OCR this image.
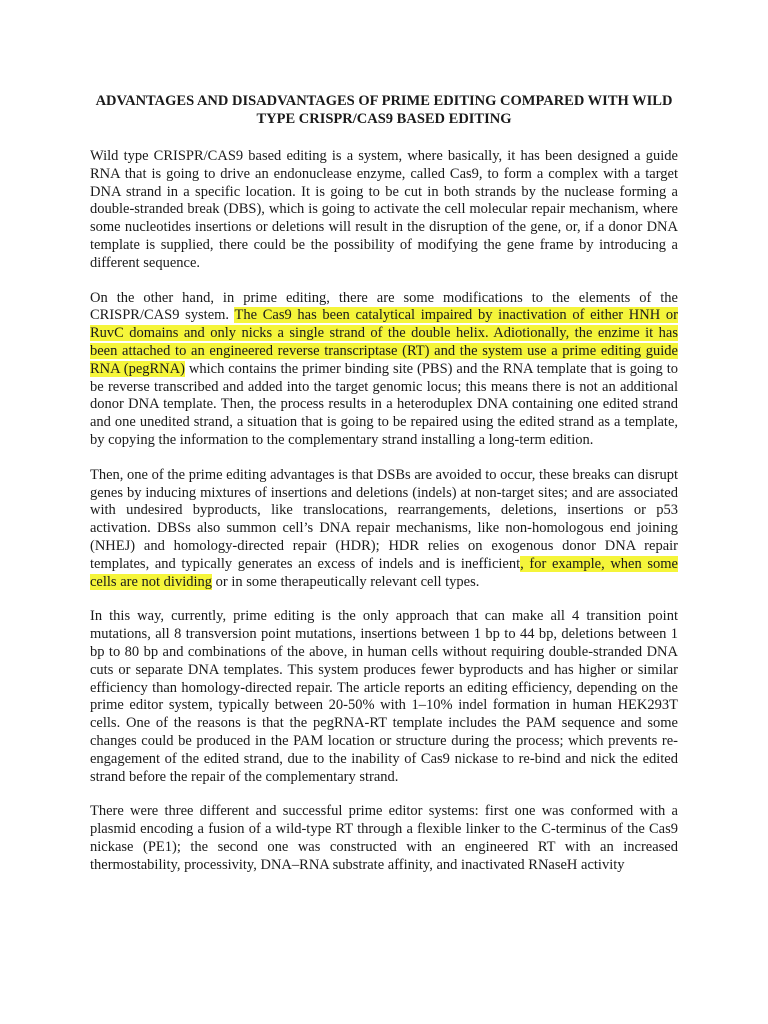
ADVANTAGES AND DISADVANTAGES OF PRIME EDITING COMPARED WITH WILD TYPE CRISPR/CAS9 BASED EDITING

Wild type CRISPR/CAS9 based editing is a system, where basically, it has been designed a guide RNA that is going to drive an endonuclease enzyme, called Cas9, to form a complex with a target DNA strand in a specific location. It is going to be cut in both strands by the nuclease forming a double-stranded break (DBS), which is going to activate the cell molecular repair mechanism, where some nucleotides insertions or deletions will result in the disruption of the gene, or, if a donor DNA template is supplied, there could be the possibility of modifying the gene frame by introducing a different sequence.

On the other hand, in prime editing, there are some modifications to the elements of the CRISPR/CAS9 system. The Cas9 has been catalytical impaired by inactivation of either HNH or RuvC domains and only nicks a single strand of the double helix. Adiotionally, the enzime it has been attached to an engineered reverse transcriptase (RT) and the system use a prime editing guide RNA (pegRNA) which contains the primer binding site (PBS) and the RNA template that is going to be reverse transcribed and added into the target genomic locus; this means there is not an additional donor DNA template. Then, the process results in a heteroduplex DNA containing one edited strand and one unedited strand, a situation that is going to be repaired using the edited strand as a template, by copying the information to the complementary strand installing a long-term edition.

Then, one of the prime editing advantages is that DSBs are avoided to occur, these breaks can disrupt genes by inducing mixtures of insertions and deletions (indels) at non-target sites; and are associated with undesired byproducts, like translocations, rearrangements, deletions, insertions or p53 activation. DBSs also summon cell’s DNA repair mechanisms, like non-homologous end joining (NHEJ) and homology-directed repair (HDR); HDR relies on exogenous donor DNA repair templates, and typically generates an excess of indels and is inefficient, for example, when some cells are not dividing or in some therapeutically relevant cell types.

In this way, currently, prime editing is the only approach that can make all 4 transition point mutations, all 8 transversion point mutations, insertions between 1 bp to 44 bp, deletions between 1 bp to 80 bp and combinations of the above, in human cells without requiring double-stranded DNA cuts or separate DNA templates. This system produces fewer byproducts and has higher or similar efficiency than homology-directed repair. The article reports an editing efficiency, depending on the prime editor system, typically between 20-50% with 1–10% indel formation in human HEK293T cells. One of the reasons is that the pegRNA-RT template includes the PAM sequence and some changes could be produced in the PAM location or structure during the process; which prevents re-engagement of the edited strand, due to the inability of Cas9 nickase to re-bind and nick the edited strand before the repair of the complementary strand.

There were three different and successful prime editor systems: first one was conformed with a plasmid encoding a fusion of a wild-type RT through a flexible linker to the C-terminus of the Cas9 nickase (PE1); the second one was constructed with an engineered RT with an increased thermostability, processivity, DNA–RNA substrate affinity, and inactivated RNaseH activity
